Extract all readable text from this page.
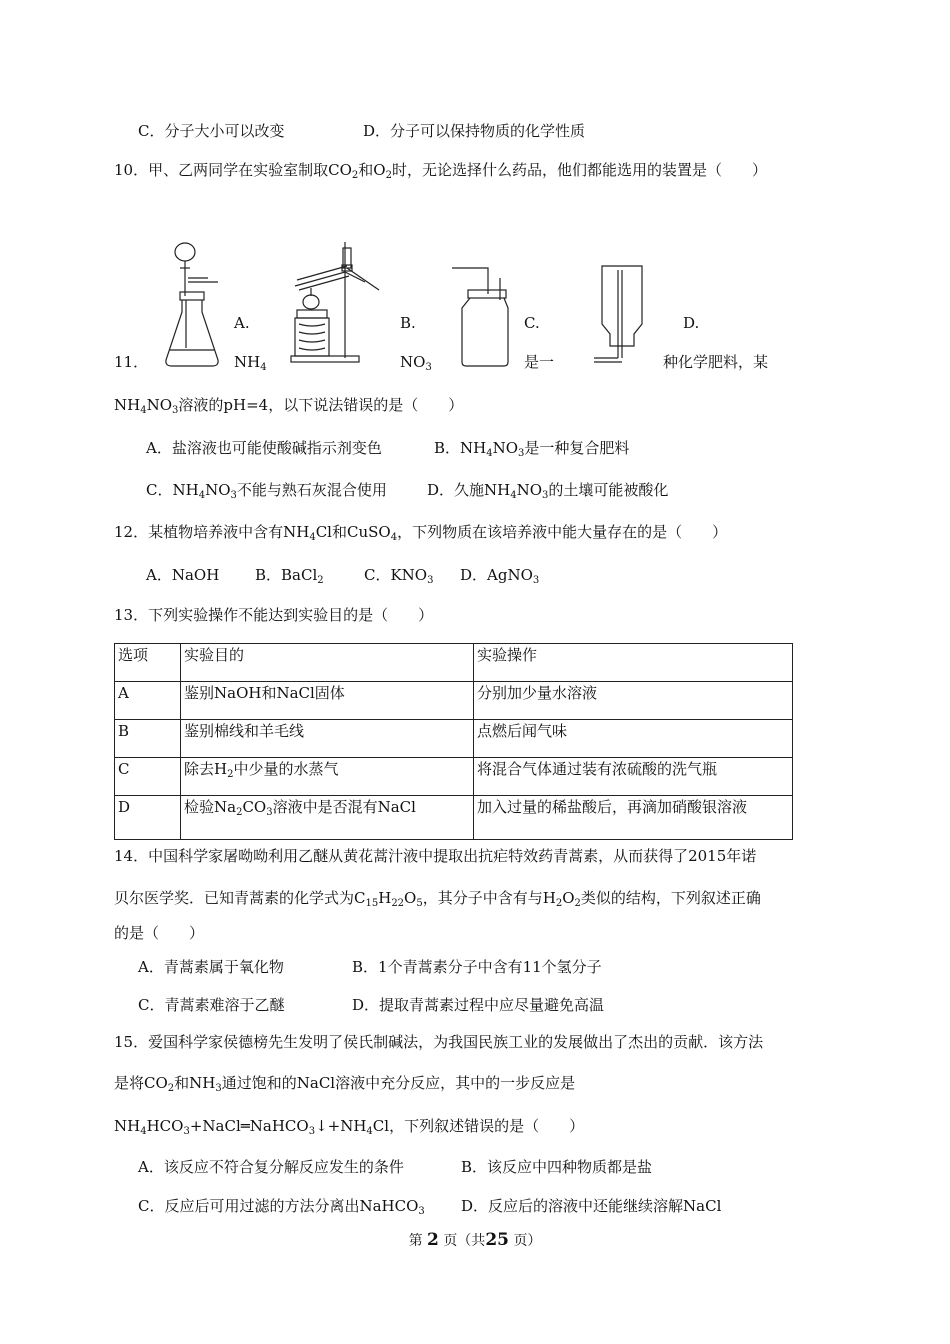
C．分子大小可以改变	D．分子可以保持物质的化学性质
10．甲、乙两同学在实验室制取$CO_2$和$O_2$时，无论选择什么药品，他们都能选用的装置是（　　）
A.	B.	C.	D.
11．	$NH_4$	$NO_3$	是一	种化学肥料，某
$NH_4NO_3$溶液的pH=4，以下说法错误的是（　　）
A．盐溶液也可能使酸碱指示剂变色	B．$NH_4NO_3$是一种复合肥料
C．$NH_4NO_3$不能与熟石灰混合使用	D．久施$NH_4NO_3$的土壤可能被酸化
12．某植物培养液中含有$NH_4Cl$和CuSO$_4$，下列物质在该培养液中能大量存在的是（　　）
A．NaOH B．BaCl$_2$	C．$KNO_3$ D．AgNO$_3$
13．下列实验操作不能达到实验目的是（　　）
选项	实验目的	实验操作
A	鉴别NaOH和NaCl固体	分别加少量水溶液
B	鉴别棉线和羊毛线	点燃后闻气味
C	除去$H_2$中少量的水蒸气	将混合气体通过装有浓硫酸的洗气瓶
D	检验$Na_2CO_3$溶液中是否混有NaCl	加入过量的稀盐酸后，再滴加硝酸银溶液
14．中国科学家屠呦呦利用乙醚从黄花蒿汁液中提取出抗疟特效药青蒿素，从而获得了2015年诺
贝尔医学奖．已知青蒿素的化学式为$C_{15}H_{22}O_5$，其分子中含有与$H_2O_2$类似的结构，下列叙述正确
的是（　　）
A．青蒿素属于氧化物	B．1个青蒿素分子中含有11个氢分子
C．青蒿素难溶于乙醚	D．提取青蒿素过程中应尽量避免高温
15．爱国科学家侯德榜先生发明了侯氏制碱法，为我国民族工业的发展做出了杰出的贡献．该方法
是将$CO_2$和$NH_3$通过饱和的NaCl溶液中充分反应，其中的一步反应是
$NH_4HCO_3+NaCl═NaHCO_3↓+NH_4Cl$，下列叙述错误的是（　　）
A．该反应不符合复分解反应发生的条件	B．该反应中四种物质都是盐
C．反应后可用过滤的方法分离出NaHCO$_3$ D．反应后的溶液中还能继续溶解NaCl
第 2 页（共25 页）
